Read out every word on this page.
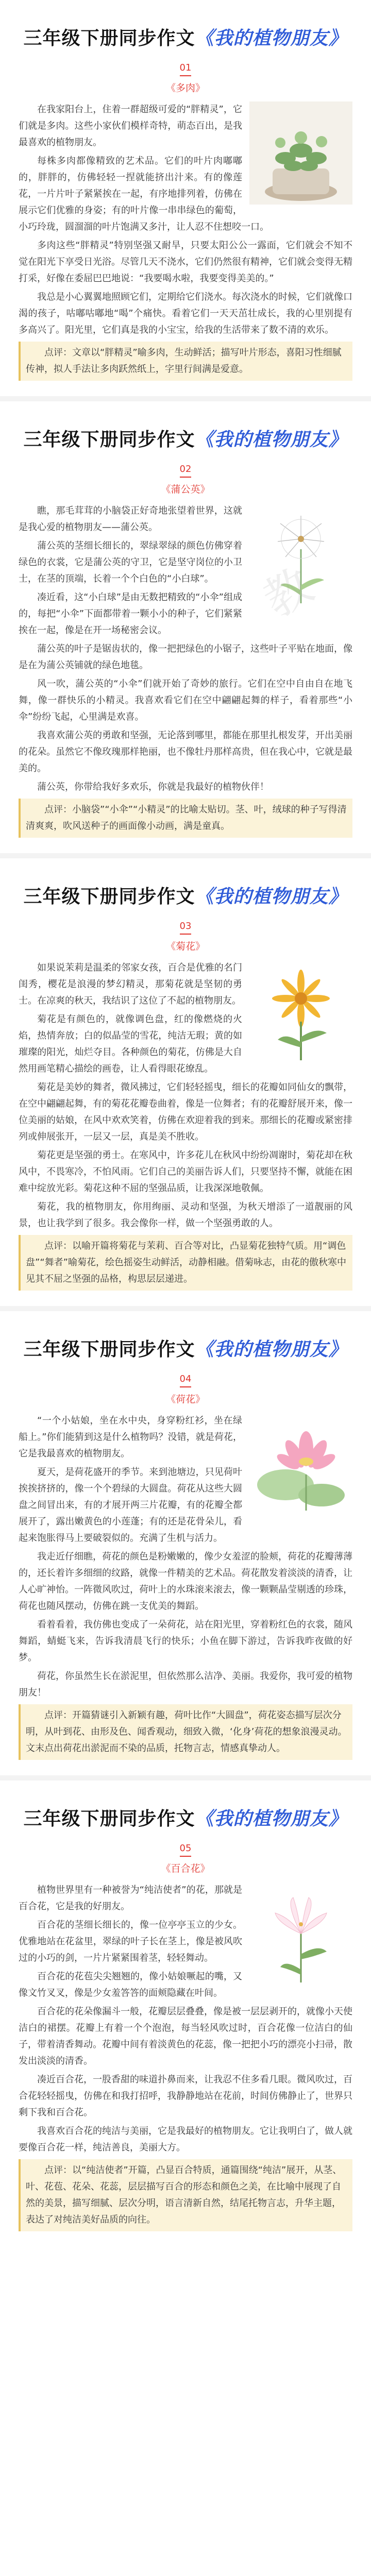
三年级下册同步作文《我的植物朋友》
01
《多肉》

在我家阳台上，住着一群超级可爱的“胖精灵”，它们就是多肉。这些小家伙们模样奇特，萌态百出，是我最喜欢的植物朋友。

每株多肉都像精致的艺术品。它们的叶片肉嘟嘟的，胖胖的，仿佛轻轻一捏就能挤出汁来。有的像莲花，一片片叶子紧紧挨在一起，有序地排列着，仿佛在展示它们优雅的身姿；有的叶片像一串串绿色的葡萄，小巧玲珑，圆溜溜的叶片饱满又多汁，让人忍不住想咬一口。

多肉这些“胖精灵”特别坚强又耐旱，只要太阳公公一露面，它们就会不知不觉在阳光下享受日光浴。尽管几天不浇水，它们仍然很有精神，它们就会变得无精打采，好像在委屈巴巴地说：“我要喝水啦，我要变得美美的。”

我总是小心翼翼地照顾它们，定期给它们浇水。每次浇水的时候，它们就像口渴的孩子，咕嘟咕嘟地“喝”个痛快。看着它们一天天茁壮成长，我的心里别提有多高兴了。阳光里，它们真是我的小宝宝，给我的生活带来了数不清的欢乐。

点评：文章以“胖精灵”喻多肉，生动鲜活；描写叶片形态，喜阳习性细腻传神，拟人手法让多肉跃然纸上，字里行间满是爱意。
三年级下册同步作文《我的植物朋友》
02
《蒲公英》

瞧，那毛茸茸的小脑袋正好奇地张望着世界，这就是我心爱的植物朋友——蒲公英。

蒲公英的茎细长细长的，翠绿翠绿的颜色仿佛穿着绿色的衣裳，它是蒲公英的守卫，它是坚守岗位的小卫士，在茎的顶端，长着一个个白色的“小白球”。

凑近看，这“小白球”是由无数把精致的“小伞”组成的，每把“小伞”下面都带着一颗小小的种子，它们紧紧挨在一起，像是在开一场秘密会议。

蒲公英的叶子是锯齿状的，像一把把绿色的小锯子，这些叶子平贴在地面，像是在为蒲公英铺就的绿色地毯。

风一吹，蒲公英的“小伞”们就开始了奇妙的旅行。它们在空中自由自在地飞舞，像一群快乐的小精灵。我喜欢看它们在空中翩翩起舞的样子，看着那些“小伞”纷纷飞起，心里满是欢喜。

我喜欢蒲公英的勇敢和坚强，无论落到哪里，都能在那里扎根发芽，开出美丽的花朵。虽然它不像玫瑰那样艳丽，也不像牡丹那样高贵，但在我心中，它就是最美的。

蒲公英，你带给我好多欢乐，你就是我最好的植物伙伴！

点评：小脑袋”“小伞”“小精灵”的比喻太贴切。茎、叶，绒球的种子写得清清爽爽，吹风送种子的画面像小动画，满是童真。
三年级下册同步作文《我的植物朋友》
03
《菊花》

如果说茉莉是温柔的邻家女孩，百合是优雅的名门闺秀，樱花是浪漫的梦幻精灵，那菊花就是坚韧的勇士。在凉爽的秋天，我结识了这位了不起的植物朋友。

菊花是有颜色的，就像调色盘，红的像燃烧的火焰，热情奔放；白的似晶莹的雪花，纯洁无瑕；黄的如璀璨的阳光，灿烂夺目。各种颜色的菊花，仿佛是大自然用画笔精心描绘的画卷，让人看得眼花缭乱。

菊花是美妙的舞者，微风拂过，它们轻轻摇曳，细长的花瓣如同仙女的飘带，在空中翩翩起舞，有的菊花花瓣卷曲着，像是一位舞者；有的花瓣舒展开来，像一位美丽的姑娘，在风中欢欢笑着，仿佛在欢迎着我的到来。那细长的花瓣或紧密排列或伸展张开，一层又一层，真是美不胜收。

菊花更是坚强的勇士。在寒风中，许多花儿在秋风中纷纷凋谢时，菊花却在秋风中，不畏寒冷，不怕风雨。它们自己的美丽告诉人们，只要坚持不懈，就能在困难中绽放光彩。菊花这种不屈的坚强品质，让我深深地敬佩。

菊花，我的植物朋友，你用绚丽、灵动和坚强，为秋天增添了一道靓丽的风景，也让我学到了很多。我会像你一样，做一个坚强勇敢的人。

点评：以喻开篇将菊花与茉莉、百合等对比，凸显菊花独特气质。用“调色盘”“舞者”喻菊花，绘色摇姿生动鲜活，动静相融。借菊咏志，由花的傲秋寒中见其不屈之坚强的品格，构思层层递进。
三年级下册同步作文《我的植物朋友》
04
《荷花》

“一个小姑娘，坐在水中央，身穿粉红衫，坐在绿船上。”你们能猜到这是什么植物吗？没错，就是荷花，它是我最喜欢的植物朋友。

夏天，是荷花盛开的季节。来到池塘边，只见荷叶挨挨挤挤的，像一个个碧绿的大圆盘。荷花从这些大圆盘之间冒出来，有的才展开两三片花瓣，有的花瓣全都展开了，露出嫩黄色的小莲蓬；有的还是花骨朵儿，看起来饱胀得马上要破裂似的。充满了生机与活力。

我走近仔细瞧，荷花的颜色是粉嫩嫩的，像少女羞涩的脸颊，荷花的花瓣薄薄的，还长着许多细细的纹路，就像一件精美的艺术品。荷花散发着淡淡的清香，让人心旷神怡。一阵微风吹过，荷叶上的水珠滚来滚去，像一颗颗晶莹剔透的珍珠，荷花也随风摆动，仿佛在跳一支优美的舞蹈。

看着看着，我仿佛也变成了一朵荷花，站在阳光里，穿着粉红色的衣裳，随风舞蹈，蜻蜓飞来，告诉我清晨飞行的快乐；小鱼在脚下游过，告诉我昨夜做的好梦。

荷花，你虽然生长在淤泥里，但依然那么洁净、美丽。我爱你，我可爱的植物朋友！

点评：开篇猜谜引入新颖有趣，荷叶比作“大圆盘”，荷花姿态描写层次分明，从叶到花、由形及色、闻香观动，细致入微，‘化身’荷花的想象浪漫灵动。文末点出荷花出淤泥而不染的品质，托物言志，情感真挚动人。
三年级下册同步作文《我的植物朋友》
05
《百合花》

植物世界里有一种被誉为“纯洁使者”的花，那就是百合花，它是我的好朋友。

百合花的茎细长细长的，像一位亭亭玉立的少女。优雅地站在花盆里，翠绿的叶子长在茎上，像是被风吹过的小巧的剑，一片片紧紧围着茎，轻轻舞动。

百合花的花苞尖尖翘翘的，像小姑娘噘起的嘴，又像文竹叉叉，像是少女羞答答的面颊隐藏在叶间。

百合花的花朵像漏斗一般，花瓣层层叠叠，像是被一层层剥开的，就像小天使洁白的裙摆。花瓣上有着一个个泡泡，每当轻风吹过时，百合花像一位洁白的仙子，带着清香舞动。花瓣中间有着淡黄色的花蕊，像一把把小巧的漂亮小扫帚，散发出淡淡的清香。

凑近百合花，一股香甜的味道扑鼻而来，让我忍不住多看几眼。微风吹过，百合花轻轻摇曳，仿佛在和我打招呼，我静静地站在花前，时间仿佛静止了，世界只剩下我和百合花。

我喜欢百合花的纯洁与美丽，它是我最好的植物朋友。它让我明白了，做人就要像百合花一样，纯洁善良，美丽大方。

点评：以“纯洁使者”开篇，凸显百合特质，通篇围绕“纯洁”展开，从茎、叶、花苞、花朵、花蕊，层层描写百合的形态和颜色之美，在比喻中展现了自然的美景，描写细腻、层次分明，语言清新自然，结尾托物言志，升华主题，表达了对纯洁美好品质的向往。
